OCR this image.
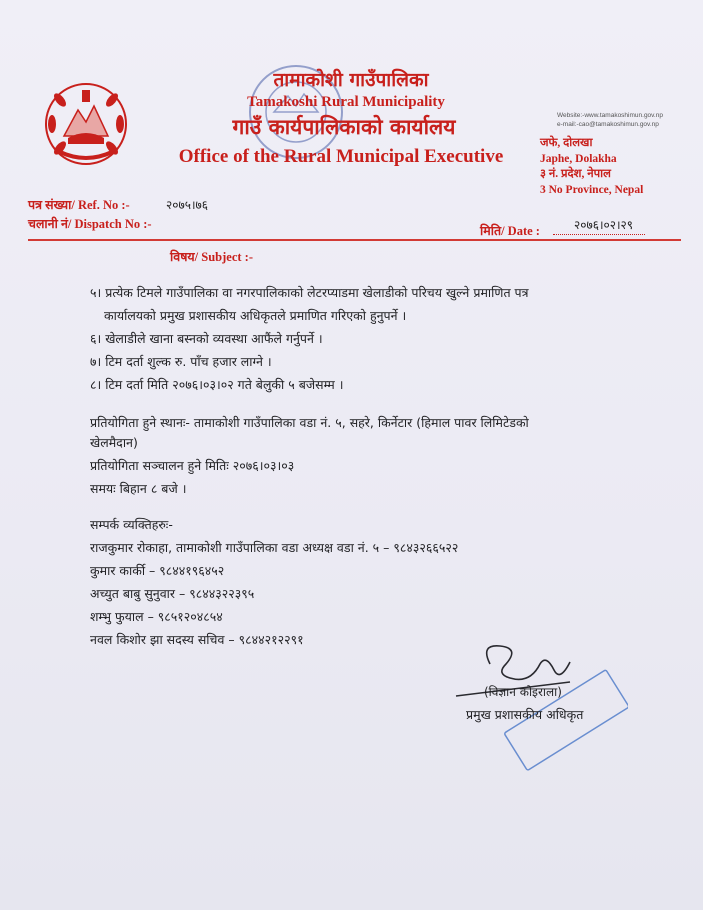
तामाकोशी गाउँपालिका
Tamakoshi Rural Municipality
गाउँ कार्यपालिकाको कार्यालय
Office of the Rural Municipal Executive
Website:-www.tamakoshimun.gov.np
e-mail:-cao@tamakoshimun.gov.np
जफे, दोलखा
Japhe, Dolakha
३ नं. प्रदेश, नेपाल
3 No Province, Nepal
पत्र संख्या/ Ref. No :-	२०७५।७६
चलानी नं/ Dispatch No :-	मिति/ Date :	२०७६।०२।२९
विषय/ Subject :-
५। प्रत्येक टिमले गाउँपालिका वा नगरपालिकाको लेटरप्याडमा खेलाडीको परिचय खुल्ने प्रमाणित पत्र
कार्यालयको प्रमुख प्रशासकीय अधिकृतले प्रमाणित गरिएको हुनुपर्ने ।
६। खेलाडीले खाना बस्नको व्यवस्था आफैंले गर्नुपर्ने ।
७। टिम दर्ता शुल्क रु. पाँच हजार लाग्ने ।
८। टिम दर्ता मिति २०७६।०३।०२ गते बेलुकी ५ बजेसम्म ।
प्रतियोगिता हुने स्थानः- तामाकोशी गाउँपालिका वडा नं. ५, सहरे, किर्नेटार (हिमाल पावर लिमिटेडको
खेलमैदान)
प्रतियोगिता सञ्चालन हुने मितिः २०७६।०३।०३
समयः बिहान ८ बजे ।
सम्पर्क व्यक्तिहरुः-
राजकुमार रोकाहा, तामाकोशी गाउँपालिका वडा अध्यक्ष वडा नं. ५ – ९८४३२६६५२२
कुमार कार्की – ९८४४१९६४५२
अच्युत बाबु सुनुवार – ९८४४३२२३९५
शम्भु फुयाल – ९८५१२०४८५४
नवल किशोर झा सदस्य सचिव – ९८४४२१२२९१
(विज्ञान कोइराला)
प्रमुख प्रशासकीय अधिकृत
